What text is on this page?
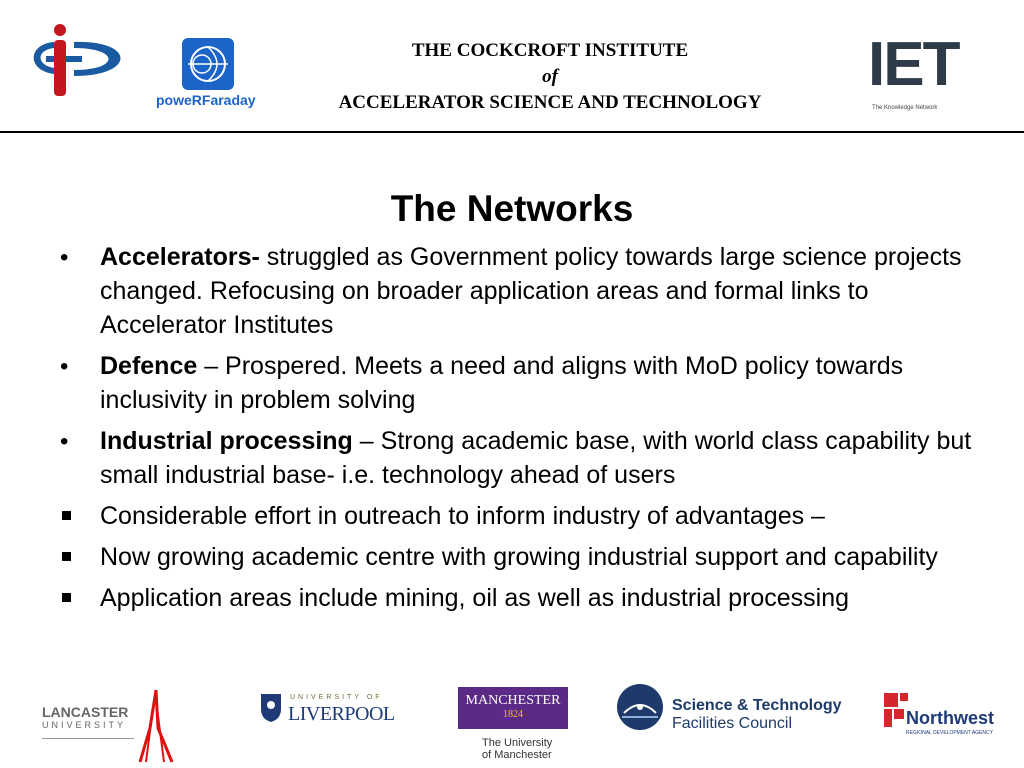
poweRFaraday
THE COCKCROFT INSTITUTE
of
ACCELERATOR SCIENCE AND TECHNOLOGY
IET
The Knowledge Network
The Networks
•
Accelerators- struggled as Government policy towards large science projects changed. Refocusing on broader application areas and formal links to Accelerator Institutes
•
Defence – Prospered. Meets a need and aligns with MoD policy towards inclusivity in problem solving
•
Industrial processing – Strong academic base, with world class capability but small industrial base- i.e. technology ahead of users
Considerable effort in outreach to inform industry of advantages –
Now growing academic centre with growing industrial support and capability
Application areas include mining, oil as well as industrial processing
LANCASTER
UNIVERSITY
UNIVERSITY OF
LIVERPOOL
MANCHESTER
1824
The University
of Manchester
Science & Technology
Facilities Council	Northwest
REGIONAL DEVELOPMENT AGENCY
